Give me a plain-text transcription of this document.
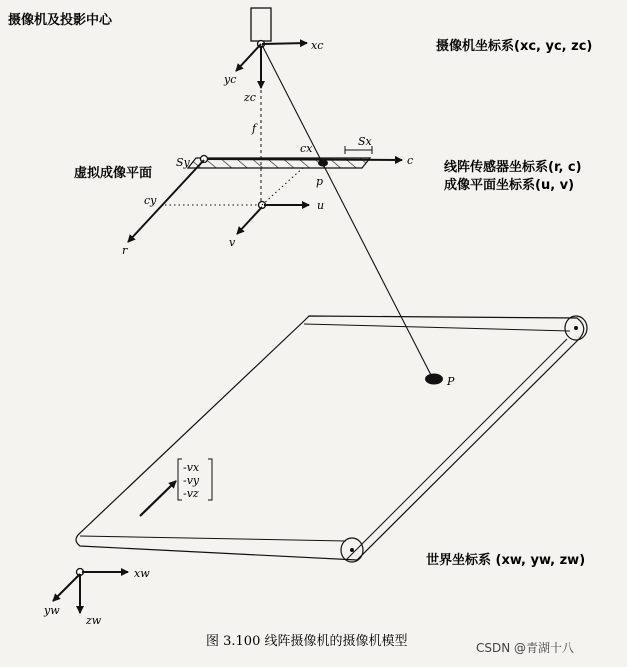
摄像机及投影中心
摄像机坐标系(xc, yc, zc)
虚拟成像平面	线阵传感器坐标系(r, c)
成像平面坐标系(u, v)
世界坐标系 (xw, yw, zw)
xc
yc
zc
f
Sx
Sy
cx
cy
c
r
p
u
v
P
xw
yw
zw
-vx
-vy
-vz
图 3.100 线阵摄像机的摄像机模型	CSDN @青湖十八
